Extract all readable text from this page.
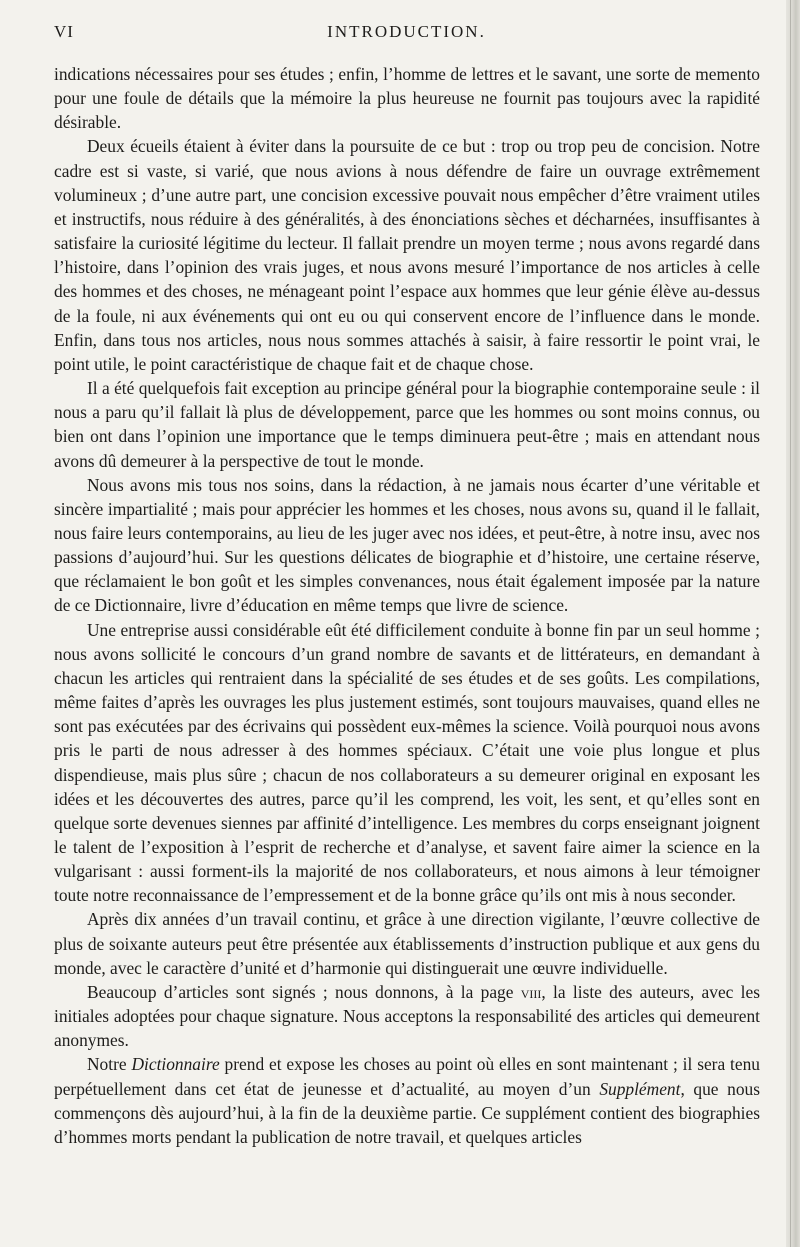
VI	INTRODUCTION.

indications nécessaires pour ses études ; enfin, l’homme de lettres et le savant, une sorte de memento pour une foule de détails que la mémoire la plus heureuse ne fournit pas toujours avec la rapidité désirable.

Deux écueils étaient à éviter dans la poursuite de ce but : trop ou trop peu de concision. Notre cadre est si vaste, si varié, que nous avions à nous défendre de faire un ouvrage extrêmement volumineux ; d’une autre part, une concision excessive pouvait nous empêcher d’être vraiment utiles et instructifs, nous réduire à des généralités, à des énonciations sèches et décharnées, insuffisantes à satisfaire la curiosité légitime du lecteur. Il fallait prendre un moyen terme ; nous avons regardé dans l’histoire, dans l’opinion des vrais juges, et nous avons mesuré l’importance de nos articles à celle des hommes et des choses, ne ménageant point l’espace aux hommes que leur génie élève au-dessus de la foule, ni aux événements qui ont eu ou qui conservent encore de l’influence dans le monde. Enfin, dans tous nos articles, nous nous sommes attachés à saisir, à faire ressortir le point vrai, le point utile, le point caractéristique de chaque fait et de chaque chose.

Il a été quelquefois fait exception au principe général pour la biographie contemporaine seule : il nous a paru qu’il fallait là plus de développement, parce que les hommes ou sont moins connus, ou bien ont dans l’opinion une importance que le temps diminuera peut-être ; mais en attendant nous avons dû demeurer à la perspective de tout le monde.

Nous avons mis tous nos soins, dans la rédaction, à ne jamais nous écarter d’une véritable et sincère impartialité ; mais pour apprécier les hommes et les choses, nous avons su, quand il le fallait, nous faire leurs contemporains, au lieu de les juger avec nos idées, et peut-être, à notre insu, avec nos passions d’aujourd’hui. Sur les questions délicates de biographie et d’histoire, une certaine réserve, que réclamaient le bon goût et les simples convenances, nous était également imposée par la nature de ce Dictionnaire, livre d’éducation en même temps que livre de science.

Une entreprise aussi considérable eût été difficilement conduite à bonne fin par un seul homme ; nous avons sollicité le concours d’un grand nombre de savants et de littérateurs, en demandant à chacun les articles qui rentraient dans la spécialité de ses études et de ses goûts. Les compilations, même faites d’après les ouvrages les plus justement estimés, sont toujours mauvaises, quand elles ne sont pas exécutées par des écrivains qui possèdent eux-mêmes la science. Voilà pourquoi nous avons pris le parti de nous adresser à des hommes spéciaux. C’était une voie plus longue et plus dispendieuse, mais plus sûre ; chacun de nos collaborateurs a su demeurer original en exposant les idées et les découvertes des autres, parce qu’il les comprend, les voit, les sent, et qu’elles sont en quelque sorte devenues siennes par affinité d’intelligence. Les membres du corps enseignant joignent le talent de l’exposition à l’esprit de recherche et d’analyse, et savent faire aimer la science en la vulgarisant : aussi forment-ils la majorité de nos collaborateurs, et nous aimons à leur témoigner toute notre reconnaissance de l’empressement et de la bonne grâce qu’ils ont mis à nous seconder.

Après dix années d’un travail continu, et grâce à une direction vigilante, l’œuvre collective de plus de soixante auteurs peut être présentée aux établissements d’instruction publique et aux gens du monde, avec le caractère d’unité et d’harmonie qui distinguerait une œuvre individuelle.

Beaucoup d’articles sont signés ; nous donnons, à la page viii, la liste des auteurs, avec les initiales adoptées pour chaque signature. Nous acceptons la responsabilité des articles qui demeurent anonymes.

Notre Dictionnaire prend et expose les choses au point où elles en sont maintenant ; il sera tenu perpétuellement dans cet état de jeunesse et d’actualité, au moyen d’un Supplément, que nous commençons dès aujourd’hui, à la fin de la deuxième partie. Ce supplément contient des biographies d’hommes morts pendant la publication de notre travail, et quelques articles
